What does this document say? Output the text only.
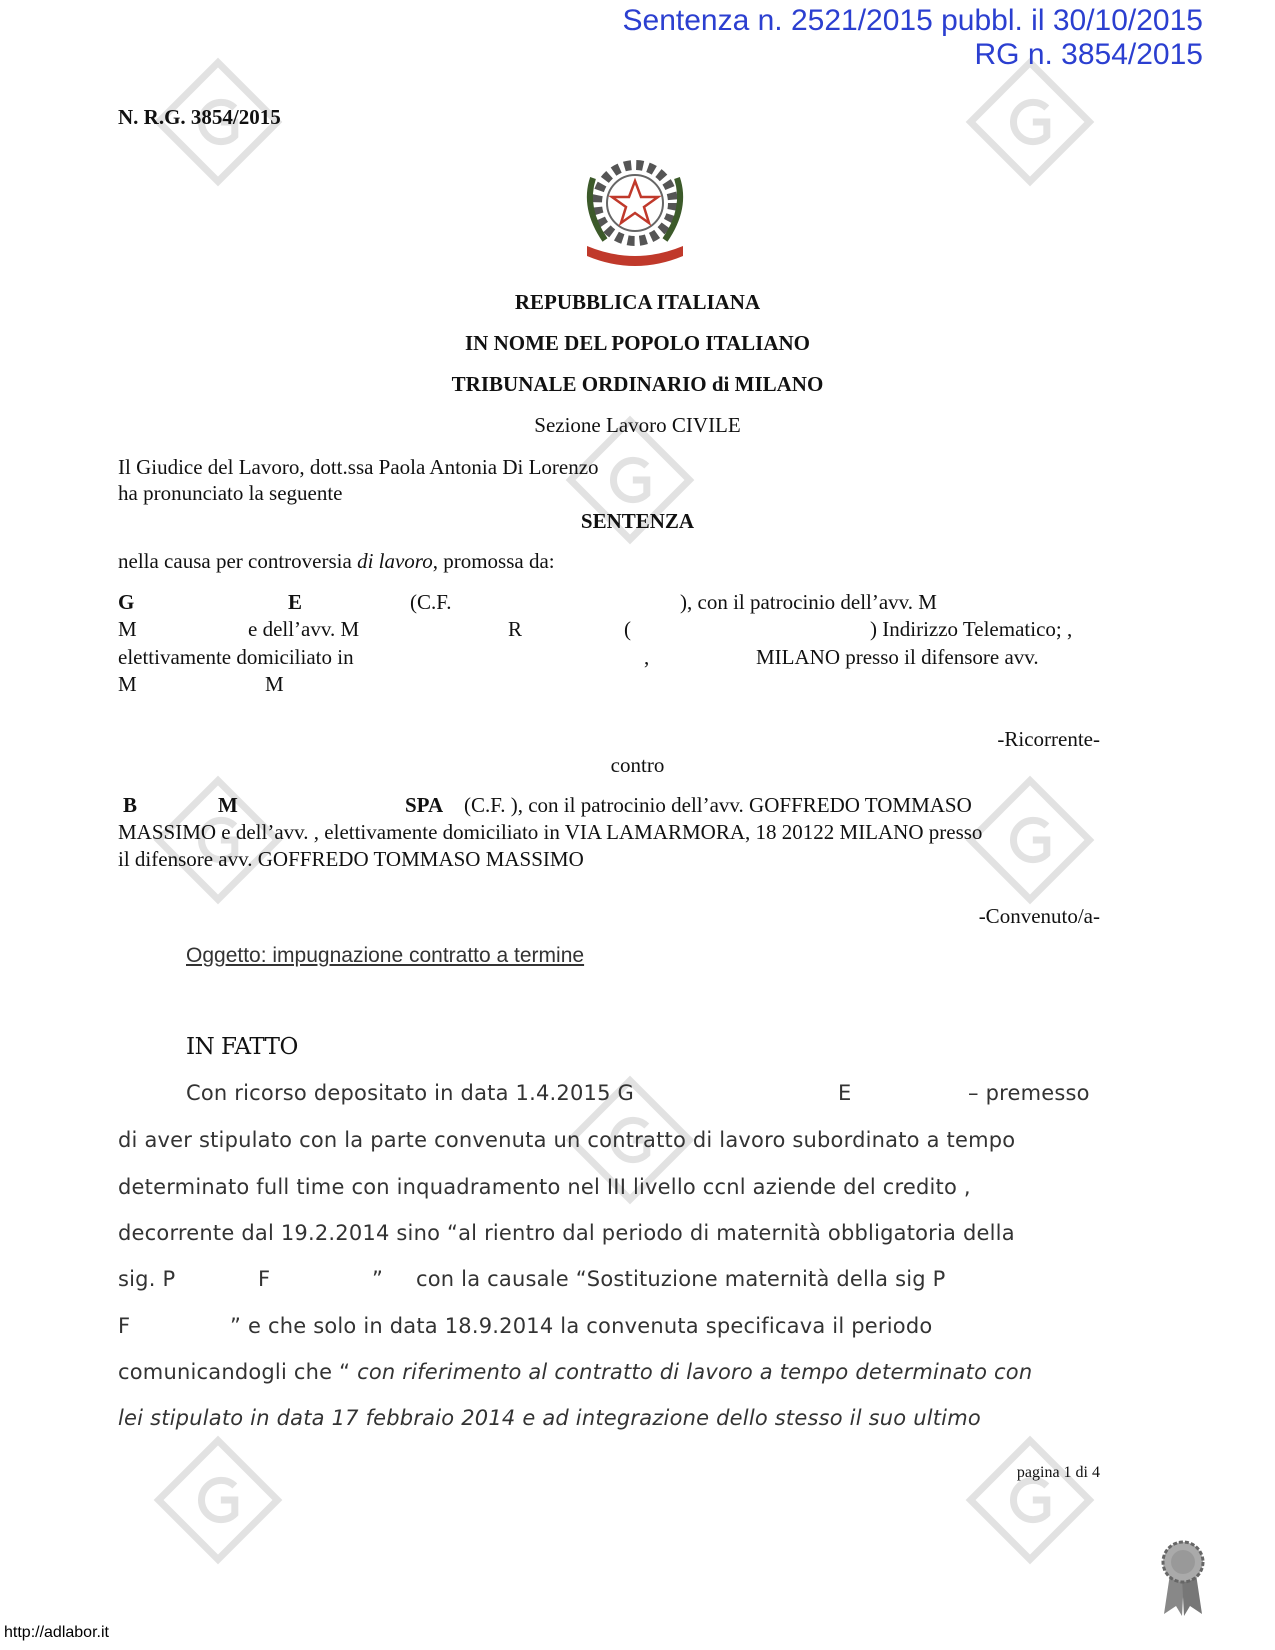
Sentenza n. 2521/2015 pubbl. il 30/10/2015
RG n. 3854/2015
N. R.G. 3854/2015
REPUBBLICA ITALIANA
IN NOME DEL POPOLO ITALIANO
TRIBUNALE ORDINARIO di MILANO
Sezione Lavoro CIVILE
Il Giudice del Lavoro, dott.ssa Paola Antonia Di Lorenzo
ha pronunciato la seguente
SENTENZA
nella causa per controversia di lavoro, promossa da:
G	E	(C.F.	), con il patrocinio dell’avv. M
M	e dell’avv. M	R	(	) Indirizzo Telematico; ,
elettivamente domiciliato in	,	MILANO presso il difensore avv.
M	M
-Ricorrente-
contro
B	M	SPA (C.F. ), con il patrocinio dell’avv. GOFFREDO TOMMASO
MASSIMO e dell’avv. , elettivamente domiciliato in VIA LAMARMORA, 18 20122 MILANO presso
il difensore avv. GOFFREDO TOMMASO MASSIMO
-Convenuto/a-
Oggetto: impugnazione contratto a termine
IN FATTO
Con ricorso depositato in data 1.4.2015 G	E	– premesso
di aver stipulato con la parte convenuta un contratto di lavoro subordinato a tempo
determinato full time con inquadramento nel III livello ccnl aziende del credito ,
decorrente dal 19.2.2014 sino “al rientro dal periodo di maternità obbligatoria della
sig. P	F	”	con la causale “Sostituzione maternità della sig P
F	” e che solo in data 18.9.2014 la convenuta specificava il periodo
comunicandogli che “ con riferimento al contratto di lavoro a tempo determinato con
lei stipulato in data 17 febbraio 2014 e ad integrazione dello stesso il suo ultimo
pagina 1 di 4
http://adlabor.it
